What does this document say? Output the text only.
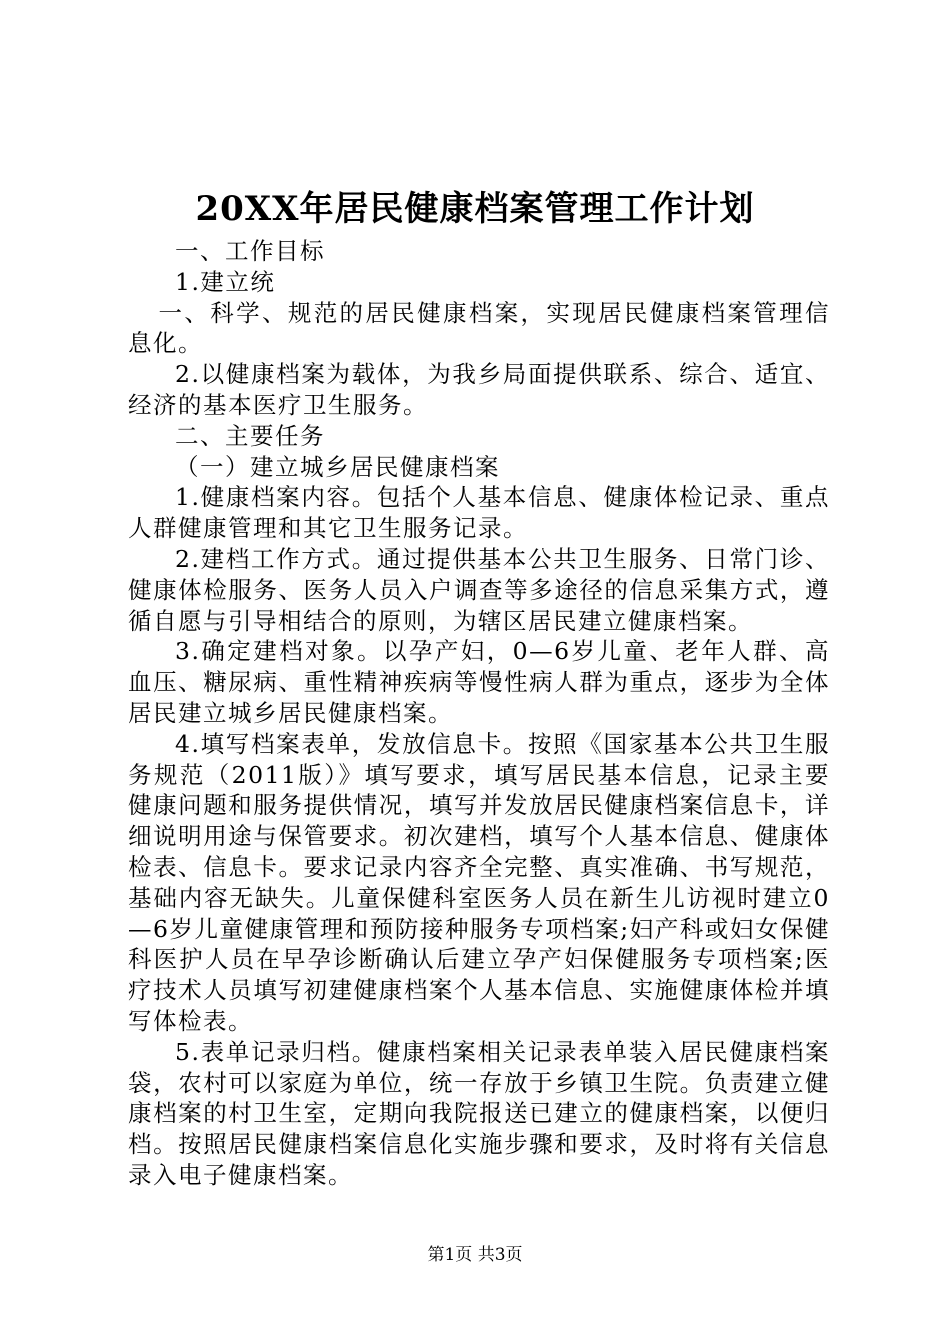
20XX年居民健康档案管理工作计划

一、工作目标

1.建立统

一、科学、规范的居民健康档案，实现居民健康档案管理信息化。

2.以健康档案为载体，为我乡局面提供联系、综合、适宜、经济的基本医疗卫生服务。

二、主要任务

（一）建立城乡居民健康档案

1.健康档案内容。包括个人基本信息、健康体检记录、重点人群健康管理和其它卫生服务记录。

2.建档工作方式。通过提供基本公共卫生服务、日常门诊、健康体检服务、医务人员入户调查等多途径的信息采集方式，遵循自愿与引导相结合的原则，为辖区居民建立健康档案。

3.确定建档对象。以孕产妇，0—6岁儿童、老年人群、高血压、糖尿病、重性精神疾病等慢性病人群为重点，逐步为全体居民建立城乡居民健康档案。

4.填写档案表单，发放信息卡。按照《国家基本公共卫生服务规范（2011版）》填写要求，填写居民基本信息，记录主要健康问题和服务提供情况，填写并发放居民健康档案信息卡，详细说明用途与保管要求。初次建档，填写个人基本信息、健康体检表、信息卡。要求记录内容齐全完整、真实准确、书写规范，基础内容无缺失。儿童保健科室医务人员在新生儿访视时建立0—6岁儿童健康管理和预防接种服务专项档案;妇产科或妇女保健科医护人员在早孕诊断确认后建立孕产妇保健服务专项档案;医疗技术人员填写初建健康档案个人基本信息、实施健康体检并填写体检表。

5.表单记录归档。健康档案相关记录表单装入居民健康档案袋，农村可以家庭为单位，统一存放于乡镇卫生院。负责建立健康档案的村卫生室，定期向我院报送已建立的健康档案，以便归档。按照居民健康档案信息化实施步骤和要求，及时将有关信息录入电子健康档案。

第1页 共3页
